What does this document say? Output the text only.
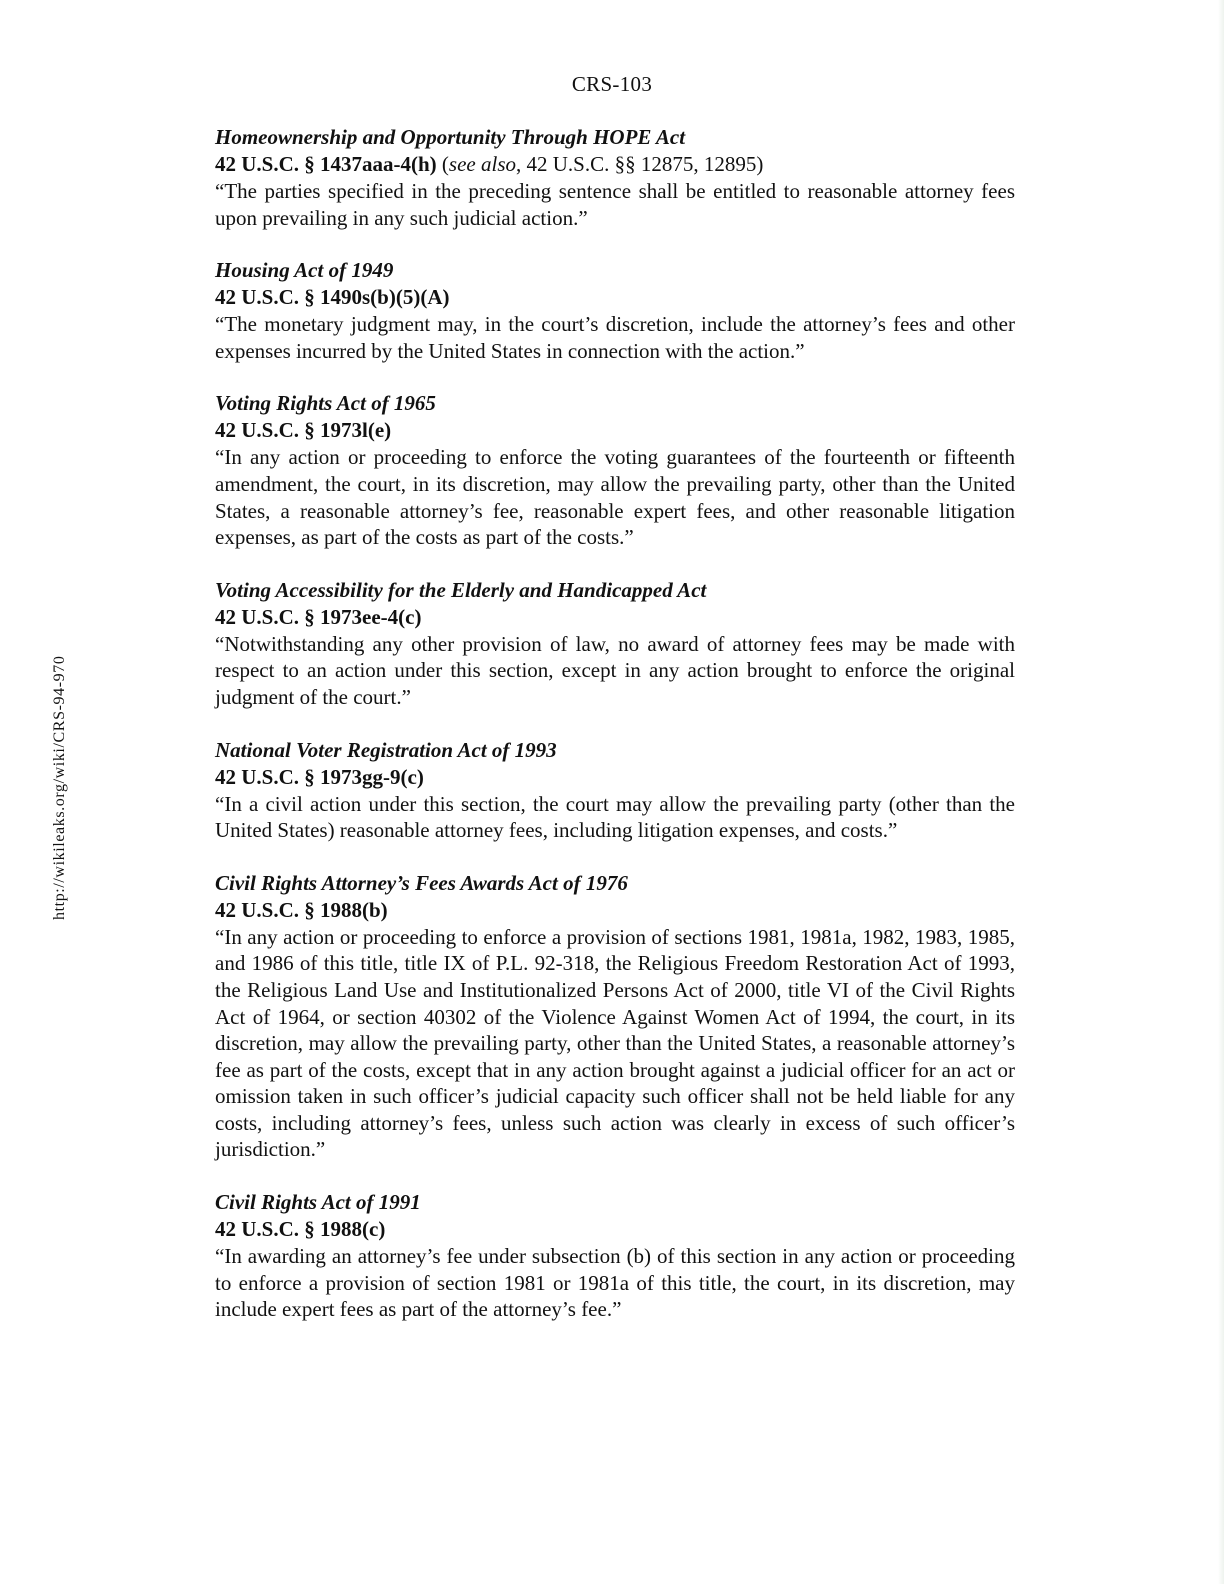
CRS-103
http://wikileaks.org/wiki/CRS-94-970

Homeownership and Opportunity Through HOPE Act

42 U.S.C. § 1437aaa-4(h) (see also, 42 U.S.C. §§ 12875, 12895)

“The parties specified in the preceding sentence shall be entitled to reasonable attorney fees upon prevailing in any such judicial action.”

Housing Act of 1949

42 U.S.C. § 1490s(b)(5)(A)

“The monetary judgment may, in the court’s discretion, include the attorney’s fees and other expenses incurred by the United States in connection with the action.”

Voting Rights Act of 1965

42 U.S.C. § 1973l(e)

“In any action or proceeding to enforce the voting guarantees of the fourteenth or fifteenth amendment, the court, in its discretion, may allow the prevailing party, other than the United States, a reasonable attorney’s fee, reasonable expert fees, and other reasonable litigation expenses, as part of the costs as part of the costs.”

Voting Accessibility for the Elderly and Handicapped Act

42 U.S.C. § 1973ee-4(c)

“Notwithstanding any other provision of law, no award of attorney fees may be made with respect to an action under this section, except in any action brought to enforce the original judgment of the court.”

National Voter Registration Act of 1993

42 U.S.C. § 1973gg-9(c)

“In a civil action under this section, the court may allow the prevailing party (other than the United States) reasonable attorney fees, including litigation expenses, and costs.”

Civil Rights Attorney’s Fees Awards Act of 1976

42 U.S.C. § 1988(b)

“In any action or proceeding to enforce a provision of sections 1981, 1981a, 1982, 1983, 1985, and 1986 of this title, title IX of P.L. 92-318, the Religious Freedom Restoration Act of 1993, the Religious Land Use and Institutionalized Persons Act of 2000, title VI of the Civil Rights Act of 1964, or section 40302 of the Violence Against Women Act of 1994, the court, in its discretion, may allow the prevailing party, other than the United States, a reasonable attorney’s fee as part of the costs, except that in any action brought against a judicial officer for an act or omission taken in such officer’s judicial capacity such officer shall not be held liable for any costs, including attorney’s fees, unless such action was clearly in excess of such officer’s jurisdiction.”

Civil Rights Act of 1991

42 U.S.C. § 1988(c)

“In awarding an attorney’s fee under subsection (b) of this section in any action or proceeding to enforce a provision of section 1981 or 1981a of this title, the court, in its discretion, may include expert fees as part of the attorney’s fee.”
